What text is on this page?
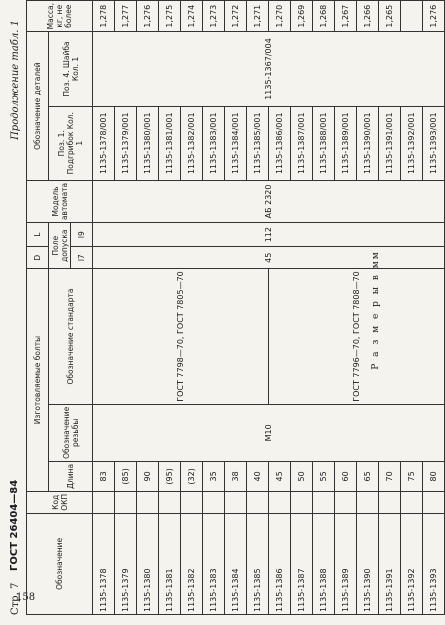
158
Стр. 7
ГОСТ 26404—84
Продолжение табл. 1
Обозначение	Код ОКП	Изготовляемые болты			D	L	Модель автомата	Обозначение деталей		Масса, кг, не более
		Длина	Обозначение резьбы	Обозначение стандарта	Поле допуска			Поз. 1. Подгрибок Кол. 1	Поз. 4. Шайба Кол. 1	
					l7	l9				
1135-1378		83	M10	ГОСТ 7798—70, ГОСТ 7805—70	45	112	АБ 2320	1135-1378/001	1135-1367/004	1,278
1135-1379		(85)						1135-1379/001		1,277
1135-1380		90						1135-1380/001		1,276
1135-1381		(95)						1135-1381/001		1,275
1135-1382		(32)						1135-1382/001		1,274
1135-1383		35						1135-1383/001		1,273
1135-1384		38						1135-1384/001		1,272
1135-1385		40						1135-1385/001		1,271
1135-1386		45		ГОСТ 7796—70, ГОСТ 7808—70				1135-1386/001		1,270
1135-1387		50						1135-1387/001		1,269
1135-1388		55						1135-1388/001		1,268
1135-1389		60						1135-1389/001		1,267
1135-1390		65						1135-1390/001		1,266
1135-1391		70						1135-1391/001		1,265
1135-1392		75						1135-1392/001		
1135-1393		80						1135-1393/001		1,276
Р а з м е р ы в мм
